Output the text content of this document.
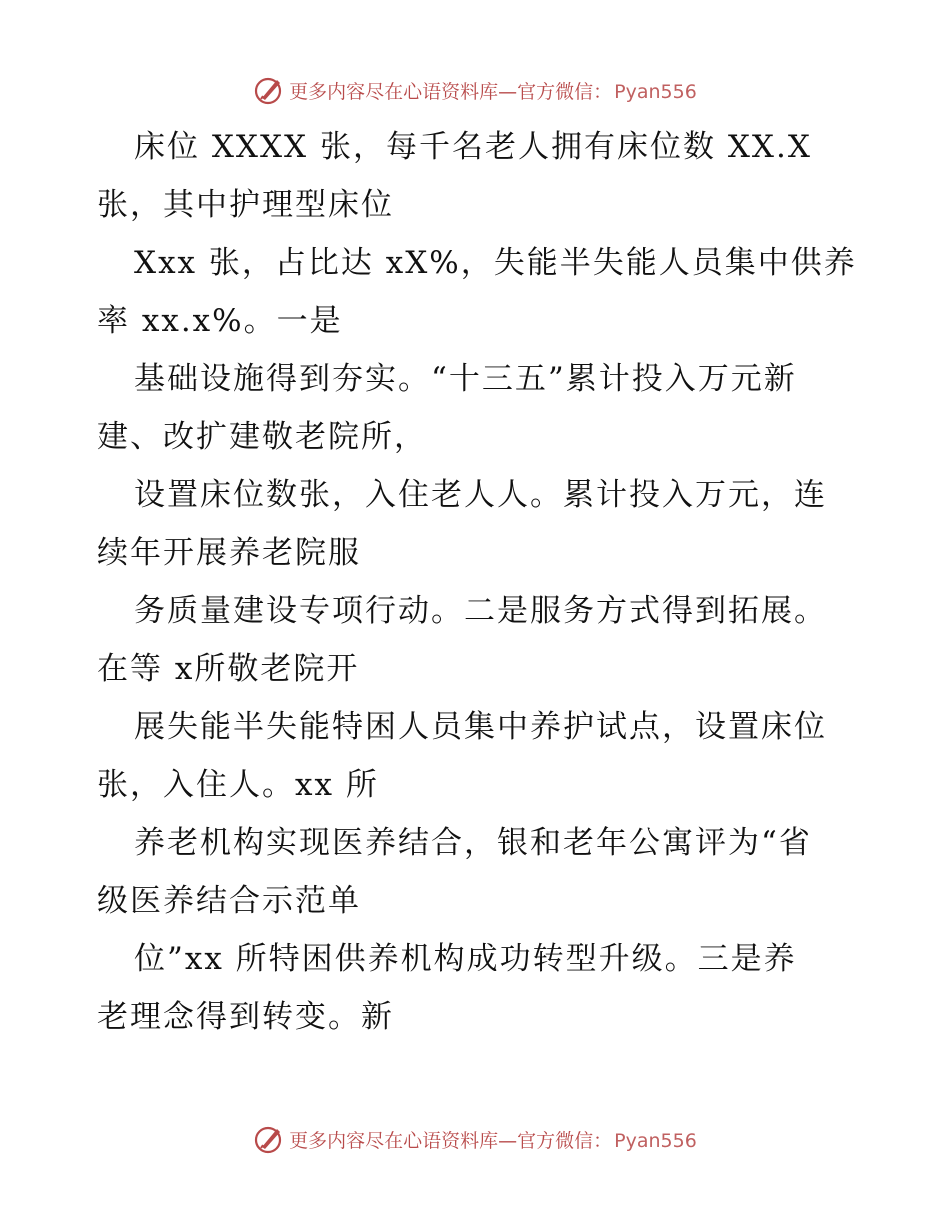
更多内容尽在心语资料库—官方微信： Pyan556
床位 XXXX 张，每千名老人拥有床位数 XX.X
张，其中护理型床位
Xxx 张，占比达 xX%，失能半失能人员集中供养
率 xx.x%。一是
基础设施得到夯实。“十三五”累计投入万元新
建、改扩建敬老院所，
设置床位数张，入住老人人。累计投入万元，连
续年开展养老院服
务质量建设专项行动。二是服务方式得到拓展。
在等 x所敬老院开
展失能半失能特困人员集中养护试点，设置床位
张，入住人。xx 所
养老机构实现医养结合，银和老年公寓评为“省
级医养结合示范单
位”xx 所特困供养机构成功转型升级。三是养
老理念得到转变。新
更多内容尽在心语资料库—官方微信： Pyan556
